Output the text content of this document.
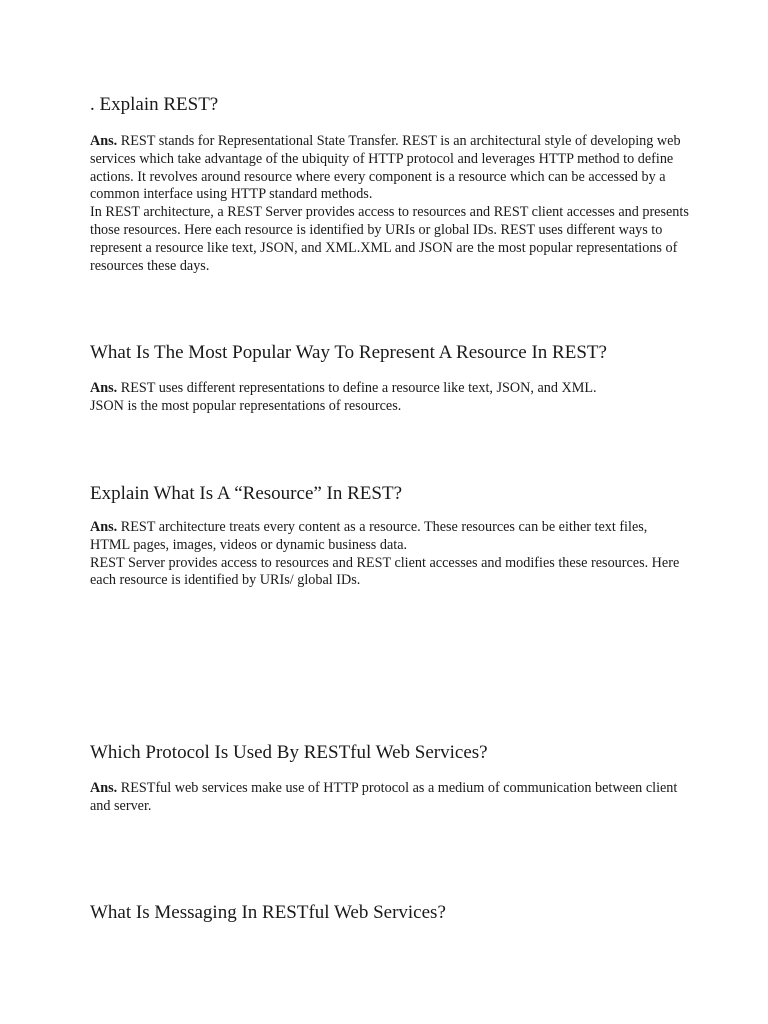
. Explain REST?

Ans. REST stands for Representational State Transfer. REST is an architectural style of developing web services which take advantage of the ubiquity of HTTP protocol and leverages HTTP method to define actions. It revolves around resource where every component is a resource which can be accessed by a common interface using HTTP standard methods.

In REST architecture, a REST Server provides access to resources and REST client accesses and presents those resources. Here each resource is identified by URIs or global IDs. REST uses different ways to represent a resource like text, JSON, and XML.XML and JSON are the most popular representations of resources these days.

What Is The Most Popular Way To Represent A Resource In REST?

Ans. REST uses different representations to define a resource like text, JSON, and XML.

JSON is the most popular representations of resources.

Explain What Is A “Resource” In REST?

Ans. REST architecture treats every content as a resource. These resources can be either text files, HTML pages, images, videos or dynamic business data.

REST Server provides access to resources and REST client accesses and modifies these resources. Here each resource is identified by URIs/ global IDs.

Which Protocol Is Used By RESTful Web Services?

Ans. RESTful web services make use of HTTP protocol as a medium of communication between client and server.

What Is Messaging In RESTful Web Services?
